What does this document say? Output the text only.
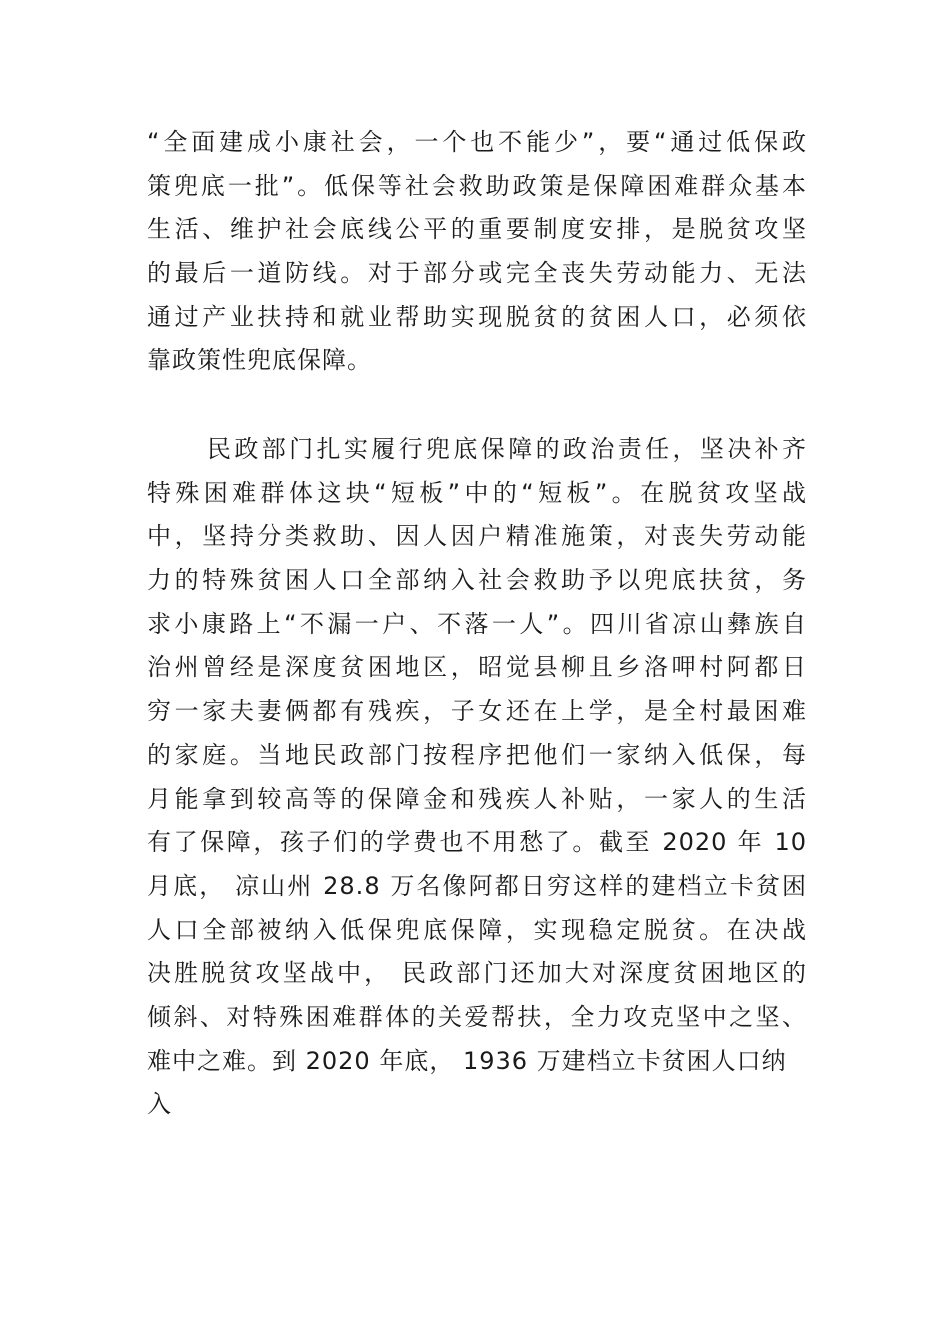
“全面建成小康社会，一个也不能少”，要“通过低保政
策兜底一批”。低保等社会救助政策是保障困难群众基本
生活、维护社会底线公平的重要制度安排，是脱贫攻坚
的最后一道防线。对于部分或完全丧失劳动能力、无法
通过产业扶持和就业帮助实现脱贫的贫困人口，必须依
靠政策性兜底保障。
民政部门扎实履行兜底保障的政治责任，坚决补齐
特殊困难群体这块“短板”中的“短板”。在脱贫攻坚战
中，坚持分类救助、因人因户精准施策，对丧失劳动能
力的特殊贫困人口全部纳入社会救助予以兜底扶贫，务
求小康路上“不漏一户、不落一人”。四川省凉山彝族自
治州曾经是深度贫困地区，昭觉县柳且乡洛呷村阿都日
穷一家夫妻俩都有残疾，子女还在上学，是全村最困难
的家庭。当地民政部门按程序把他们一家纳入低保，每
月能拿到较高等的保障金和残疾人补贴，一家人的生活
有了保障，孩子们的学费也不用愁了。截至 2020 年 10
月底， 凉山州 28.8 万名像阿都日穷这样的建档立卡贫困
人口全部被纳入低保兜底保障，实现稳定脱贫。在决战
决胜脱贫攻坚战中， 民政部门还加大对深度贫困地区的
倾斜、对特殊困难群体的关爱帮扶，全力攻克坚中之坚、
难中之难。到 2020 年底， 1936 万建档立卡贫困人口纳
入
